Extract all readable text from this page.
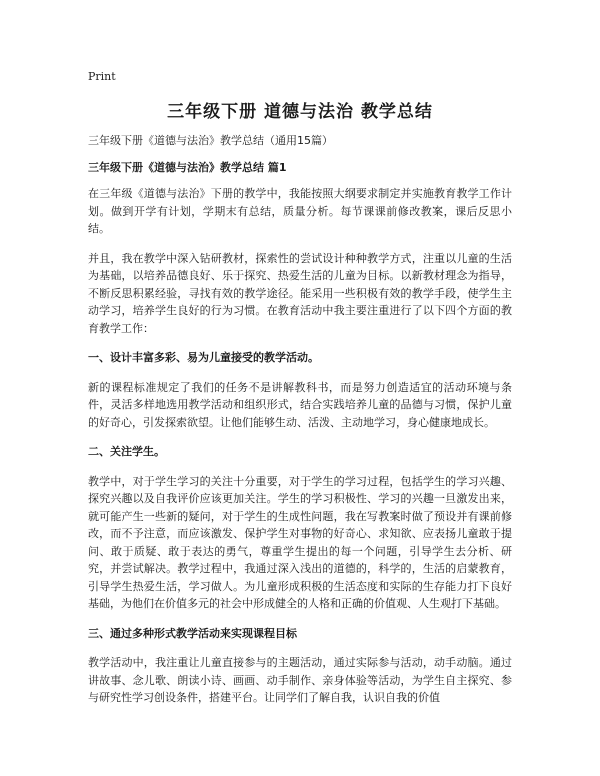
Print
三年级下册 道德与法治 教学总结

三年级下册《道德与法治》教学总结（通用15篇）

三年级下册《道德与法治》教学总结 篇1

在三年级《道德与法治》下册的教学中，我能按照大纲要求制定并实施教育教学工作计划。做到开学有计划，学期末有总结，质量分析。每节课课前修改教案，课后反思小结。

并且，我在教学中深入钻研教材，探索性的尝试设计种种教学方式，注重以儿童的生活为基础，以培养品德良好、乐于探究、热爱生活的儿童为目标。以新教材理念为指导，不断反思积累经验，寻找有效的教学途径。能采用一些积极有效的教学手段，使学生主动学习，培养学生良好的行为习惯。在教育活动中我主要注重进行了以下四个方面的教育教学工作：

一、设计丰富多彩、易为儿童接受的教学活动。

新的课程标准规定了我们的任务不是讲解教科书，而是努力创造适宜的活动环境与条件，灵活多样地选用教学活动和组织形式，结合实践培养儿童的品德与习惯，保护儿童的好奇心，引发探索欲望。让他们能够生动、活泼、主动地学习，身心健康地成长。

二、关注学生。

教学中，对于学生学习的关注十分重要，对于学生的学习过程，包括学生的学习兴趣、探究兴趣以及自我评价应该更加关注。学生的学习积极性、学习的兴趣一旦激发出来，就可能产生一些新的疑问，对于学生的生成性问题，我在写教案时做了预设并有课前修改，而不予注意，而应该激发、保护学生对事物的好奇心、求知欲、应表扬儿童敢于提问、敢于质疑、敢于表达的勇气，尊重学生提出的每一个问题，引导学生去分析、研究，并尝试解决。教学过程中，我通过深入浅出的道德的，科学的，生活的启蒙教育，引导学生热爱生活，学习做人。为儿童形成积极的生活态度和实际的生存能力打下良好基础，为他们在价值多元的社会中形成健全的人格和正确的价值观、人生观打下基础。

三、通过多种形式教学活动来实现课程目标

教学活动中，我注重让儿童直接参与的主题活动，通过实际参与活动，动手动脑。通过讲故事、念儿歌、朗读小诗、画画、动手制作、亲身体验等活动，为学生自主探究、参与研究性学习创设条件，搭建平台。让同学们了解自我，认识自我的价值
